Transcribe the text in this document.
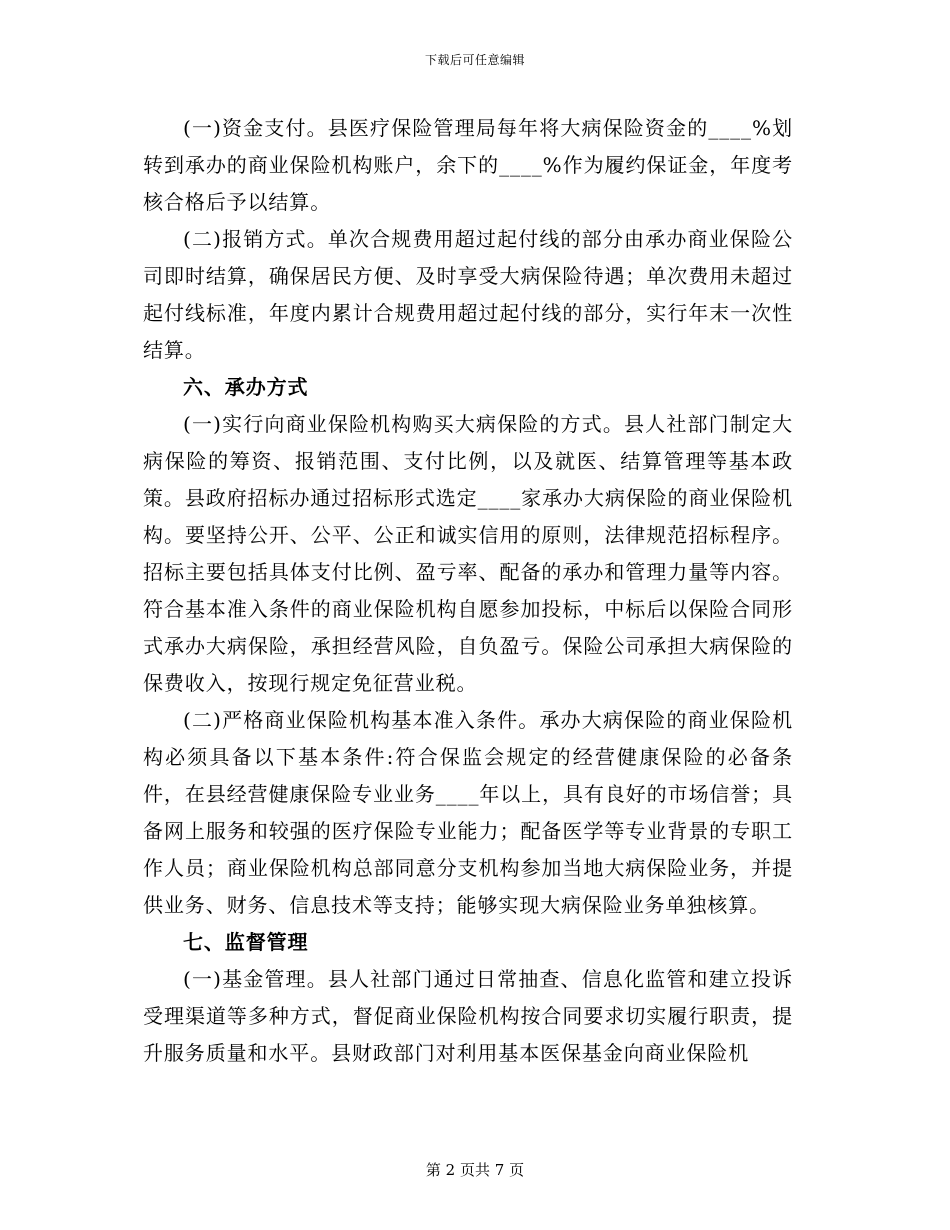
下载后可任意编辑

(一)资金支付。县医疗保险管理局每年将大病保险资金的____%划转到承办的商业保险机构账户，余下的____%作为履约保证金，年度考核合格后予以结算。

(二)报销方式。单次合规费用超过起付线的部分由承办商业保险公司即时结算，确保居民方便、及时享受大病保险待遇；单次费用未超过起付线标准，年度内累计合规费用超过起付线的部分，实行年末一次性结算。

六、承办方式

(一)实行向商业保险机构购买大病保险的方式。县人社部门制定大病保险的筹资、报销范围、支付比例，以及就医、结算管理等基本政策。县政府招标办通过招标形式选定____家承办大病保险的商业保险机构。要坚持公开、公平、公正和诚实信用的原则，法律规范招标程序。招标主要包括具体支付比例、盈亏率、配备的承办和管理力量等内容。符合基本准入条件的商业保险机构自愿参加投标，中标后以保险合同形式承办大病保险，承担经营风险，自负盈亏。保险公司承担大病保险的保费收入，按现行规定免征营业税。

(二)严格商业保险机构基本准入条件。承办大病保险的商业保险机构必须具备以下基本条件:符合保监会规定的经营健康保险的必备条件，在县经营健康保险专业业务____年以上，具有良好的市场信誉；具备网上服务和较强的医疗保险专业能力；配备医学等专业背景的专职工作人员；商业保险机构总部同意分支机构参加当地大病保险业务，并提供业务、财务、信息技术等支持；能够实现大病保险业务单独核算。

七、监督管理

(一)基金管理。县人社部门通过日常抽查、信息化监管和建立投诉受理渠道等多种方式，督促商业保险机构按合同要求切实履行职责，提升服务质量和水平。县财政部门对利用基本医保基金向商业保险机

第 2 页共 7 页
